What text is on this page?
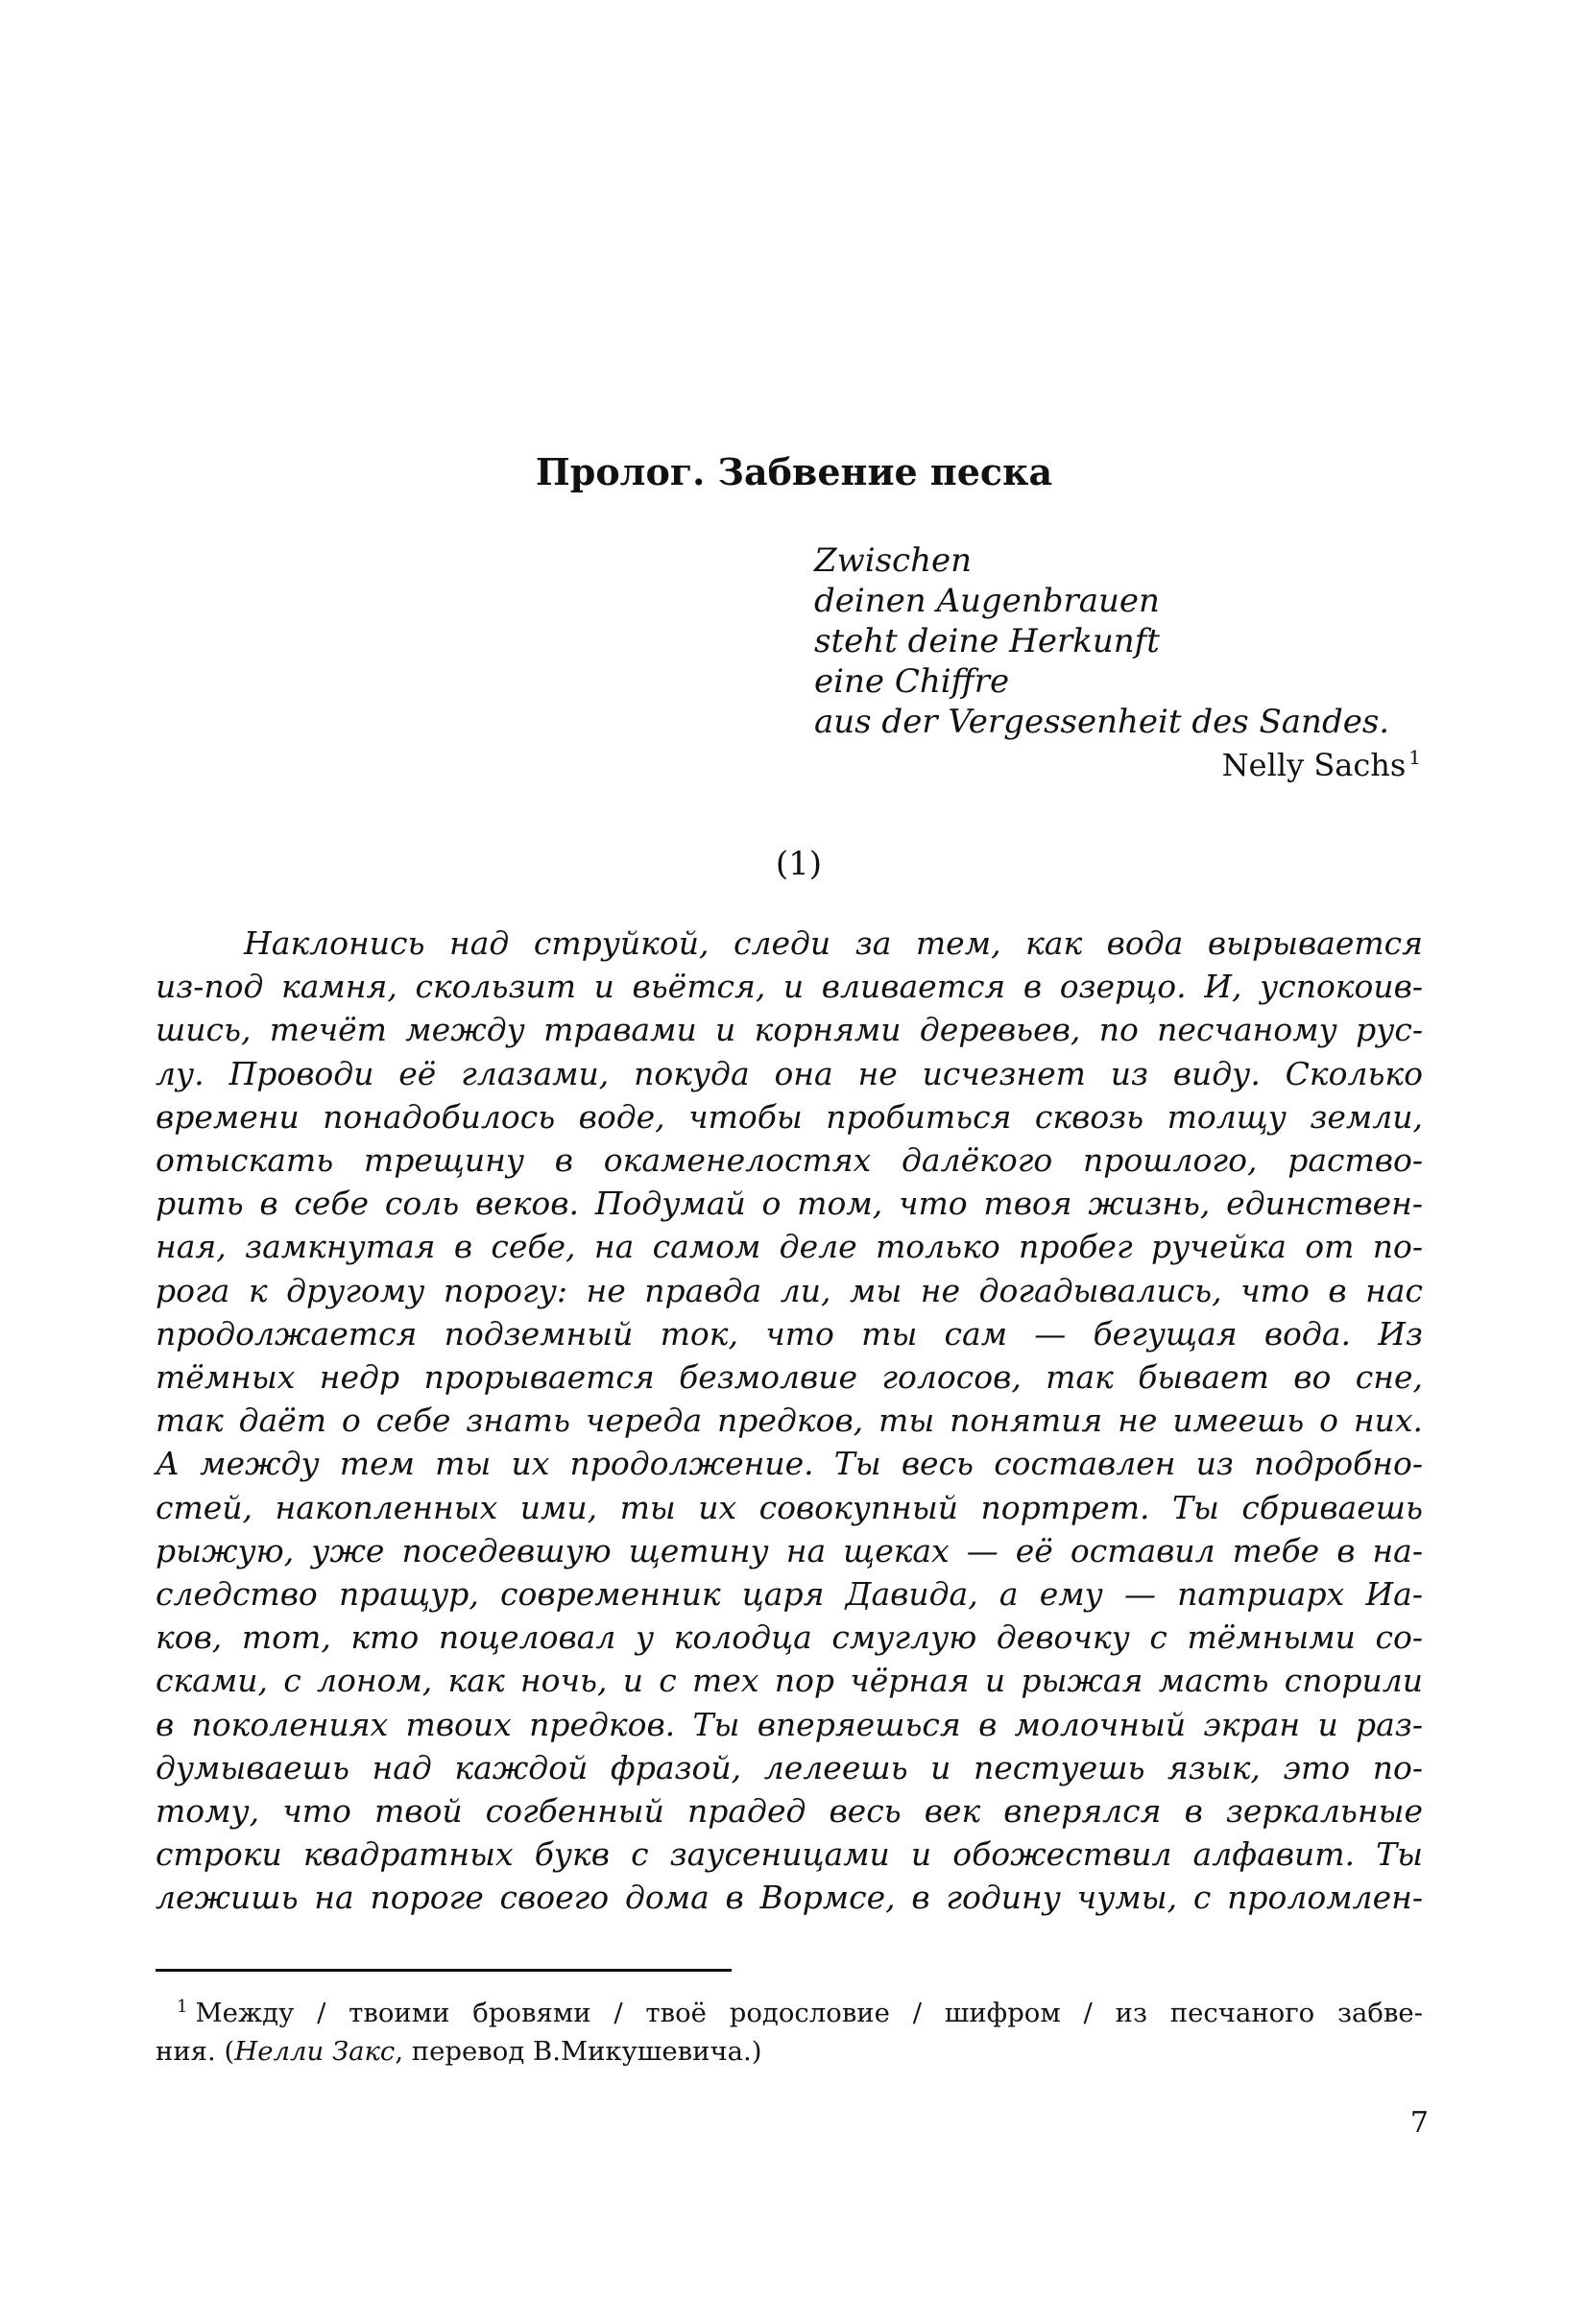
Пролог. Забвение песка
Zwischen
deinen Augenbrauen
steht deine Herkunft
eine Chiffre
aus der Vergessenheit des Sandes.
Nelly Sachs $^1$
(1)
Наклонись над струйкой, следи за тем, как вода вырывается
из-под камня, скользит и вьётся, и вливается в озерцо. И, успокоив-
шись, течёт между травами и корнями деревьев, по песчаному рус-
лу. Проводи её глазами, покуда она не исчезнет из виду. Сколько
времени понадобилось воде, чтобы пробиться сквозь толщу земли,
отыскать трещину в окаменелостях далёкого прошлого, раство-
рить в себе соль веков. Подумай о том, что твоя жизнь, единствен-
ная, замкнутая в себе, на самом деле только пробег ручейка от по-
рога к другому порогу: не правда ли, мы не догадывались, что в нас
продолжается подземный ток, что ты сам — бегущая вода. Из
тёмных недр прорывается безмолвие голосов, так бывает во сне,
так даёт о себе знать череда предков, ты понятия не имеешь о них.
А между тем ты их продолжение. Ты весь составлен из подробно-
стей, накопленных ими, ты их совокупный портрет. Ты сбриваешь
рыжую, уже поседевшую щетину на щеках — её оставил тебе в на-
следство пращур, современник царя Давида, а ему — патриарх Иа-
ков, тот, кто поцеловал у колодца смуглую девочку с тёмными со-
сками, с лоном, как ночь, и с тех пор чёрная и рыжая масть спорили
в поколениях твоих предков. Ты вперяешься в молочный экран и раз-
думываешь над каждой фразой, лелеешь и пестуешь язык, это по-
тому, что твой согбенный прадед весь век вперялся в зеркальные
строки квадратных букв с заусеницами и обожествил алфавит. Ты
лежишь на пороге своего дома в Вормсе, в годину чумы, с проломлен-
$^1$ Между / твоими бровями / твоё родословие / шифром / из песчаного забве-
ния. (Нелли Закс, перевод В.Микушевича.)
7
